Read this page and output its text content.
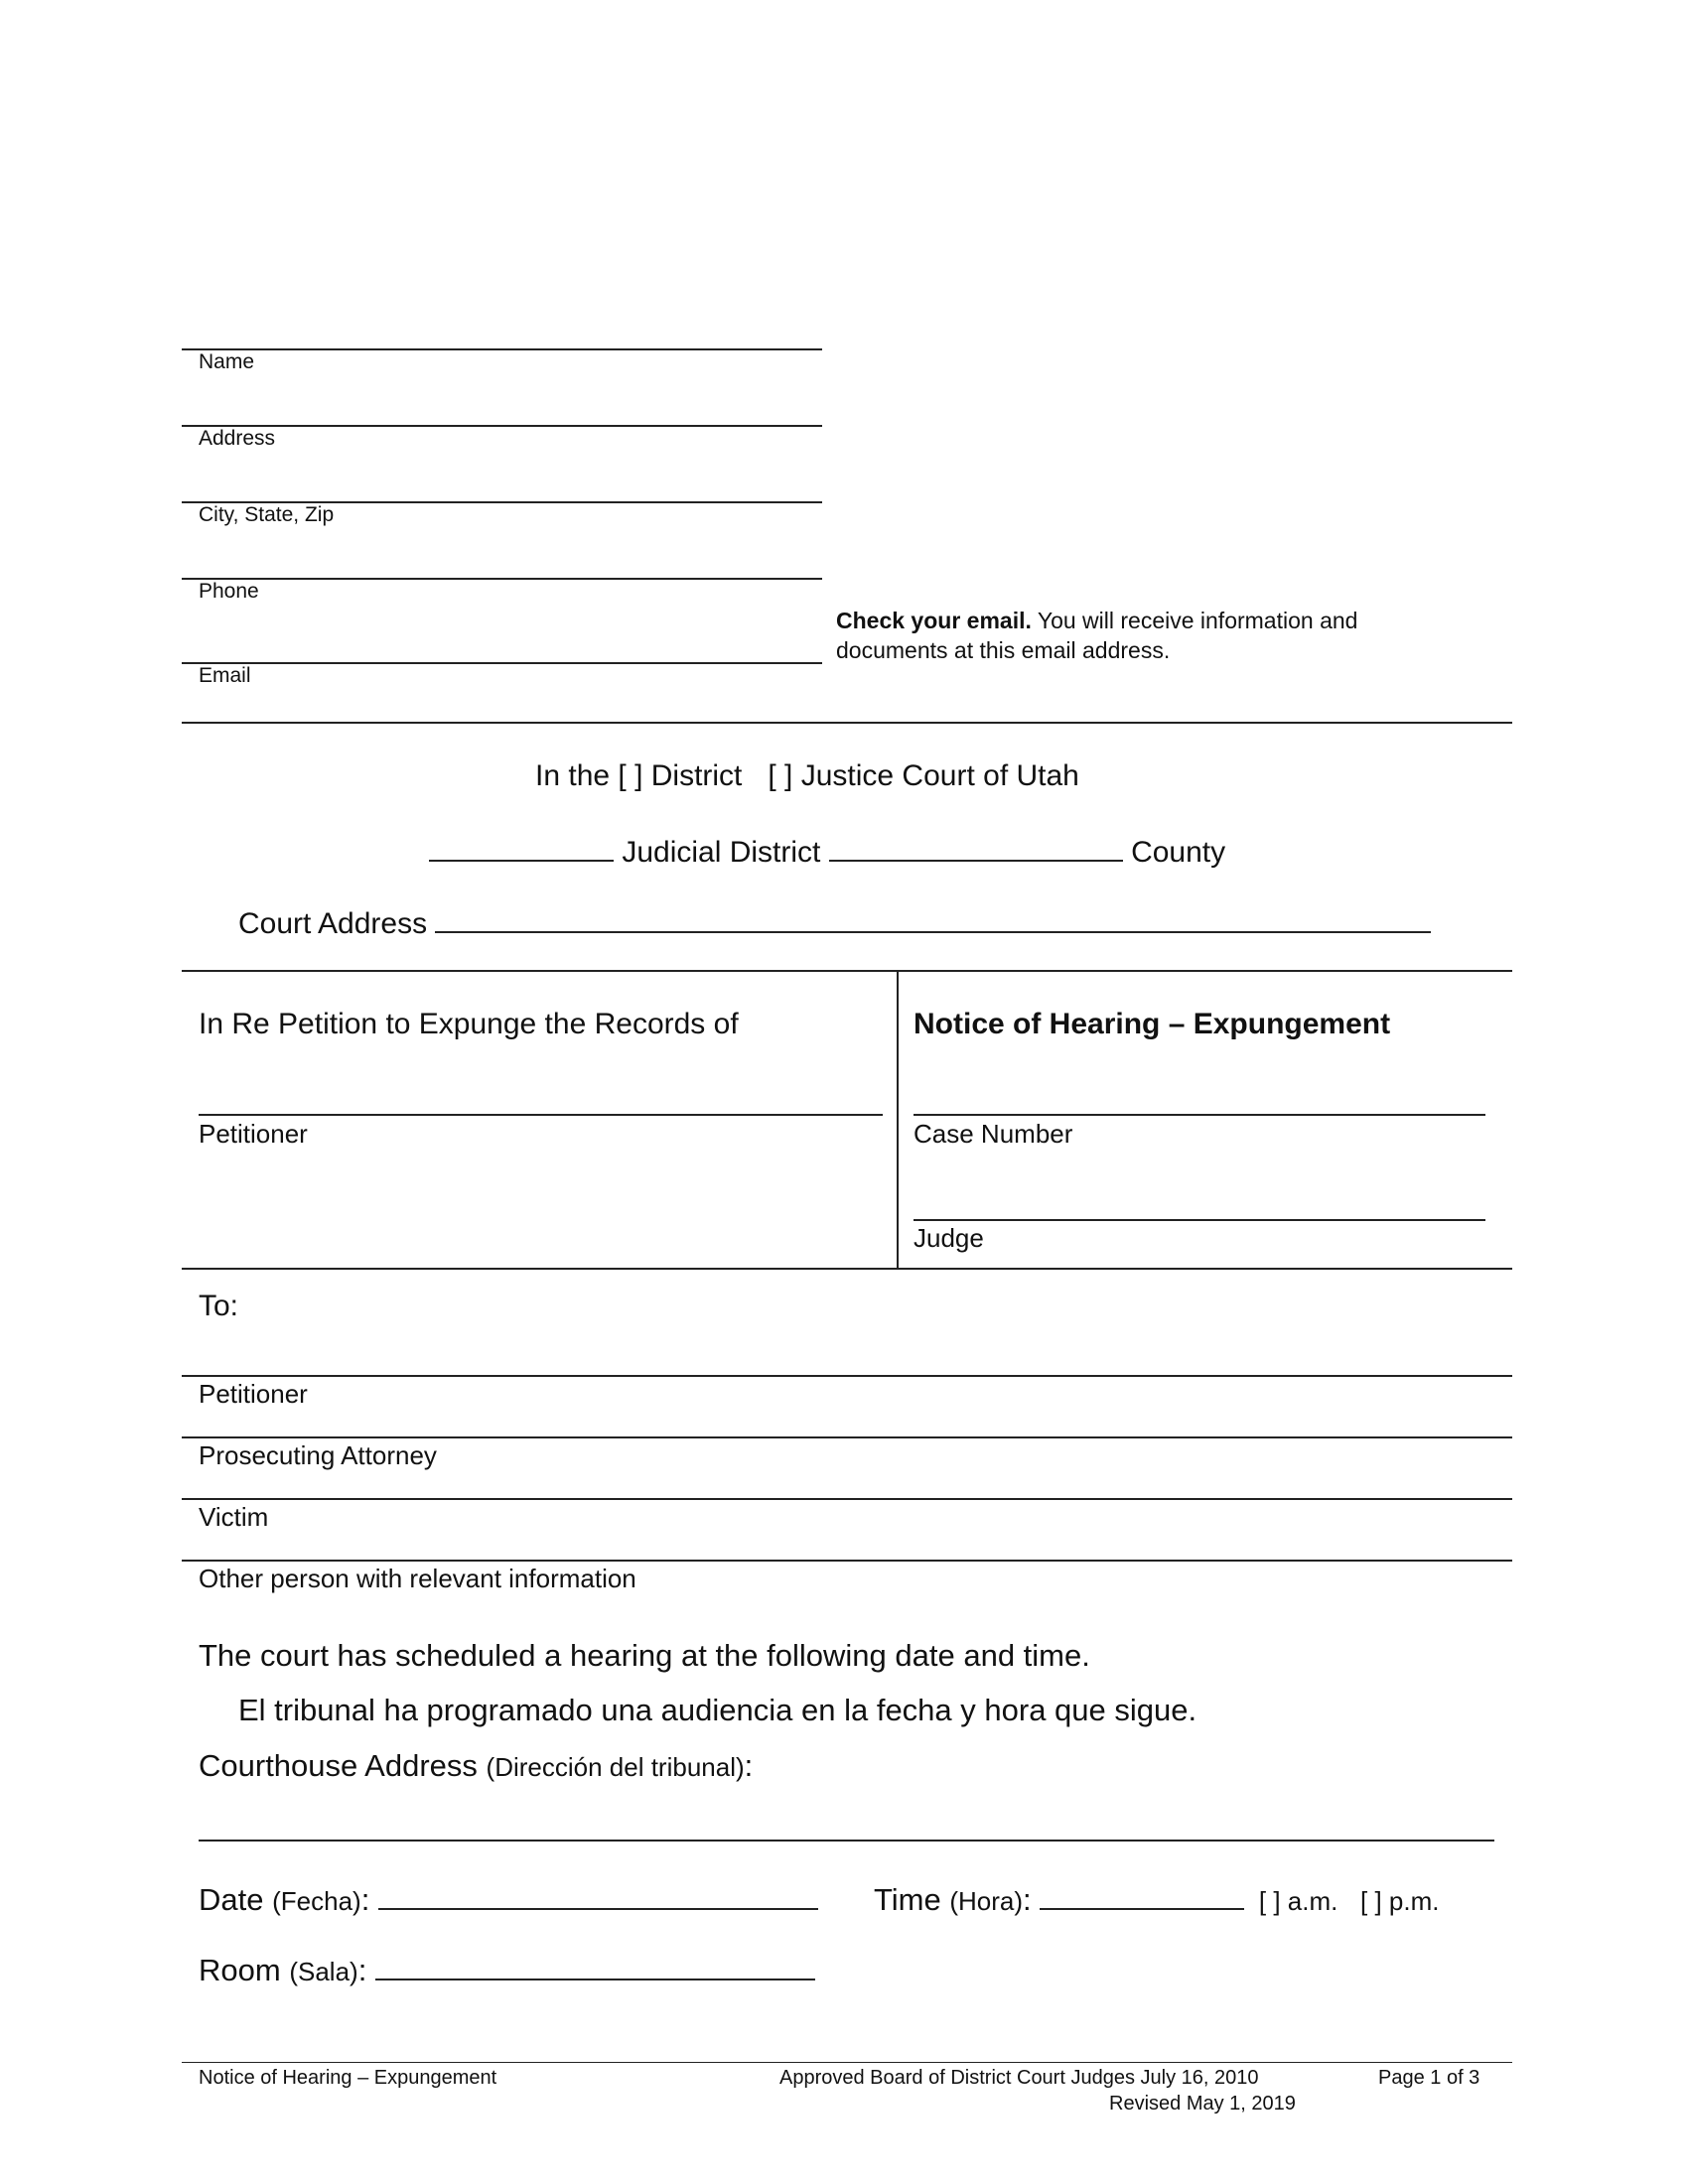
Name
Address
City, State, Zip
Phone
Email
Check your email. You will receive information and
documents at this email address.
In the [ ] District [ ] Justice Court of Utah
Judicial District	County
Court Address
In Re Petition to Expunge the Records of
Petitioner
Notice of Hearing – Expungement
Case Number
Judge
To:
Petitioner
Prosecuting Attorney
Victim
Other person with relevant information
The court has scheduled a hearing at the following date and time.
El tribunal ha programado una audiencia en la fecha y hora que sigue.
Courthouse Address (Dirección del tribunal):
Date (Fecha):	Time (Hora):	[ ] a.m. [ ] p.m.
Room (Sala):
Notice of Hearing – Expungement	Approved Board of District Court Judges July 16, 2010
Revised May 1, 2019
Page 1 of 3
